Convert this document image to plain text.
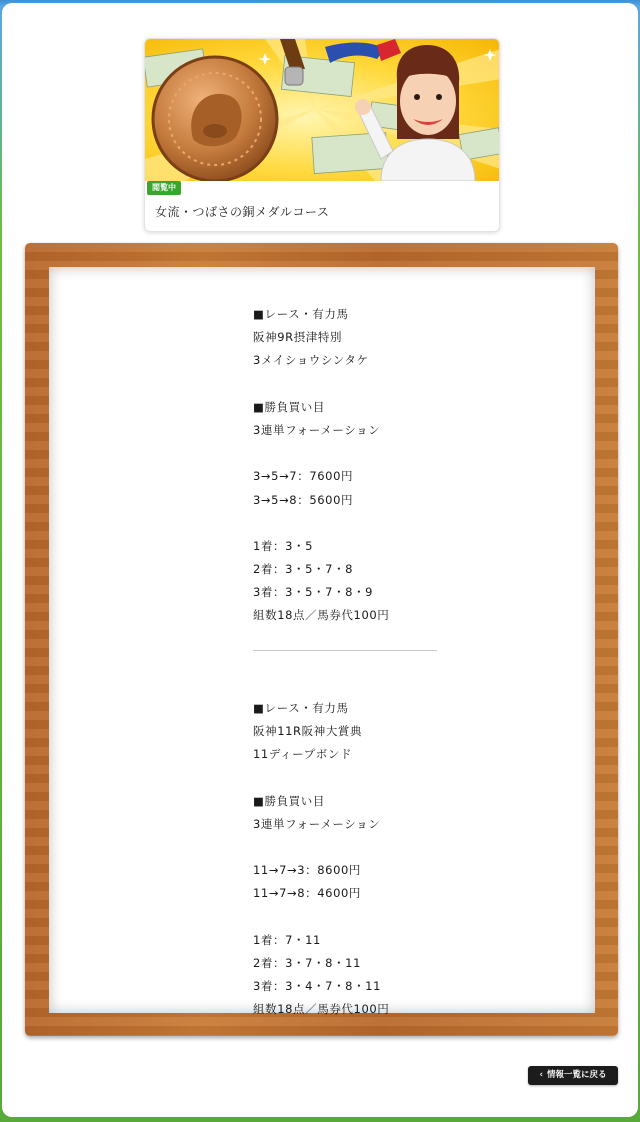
閲覧中
女流・つばさの銅メダルコース
■レース・有力馬
阪神9R摂津特別
3メイショウシンタケ
■勝負買い目
3連単フォーメーション
3→5→7：7600円
3→5→8：5600円
1着：3・5
2着：3・5・7・8
3着：3・5・7・8・9
組数18点／馬券代100円
■レース・有力馬
阪神11R阪神大賞典
11ディープボンド
■勝負買い目
3連単フォーメーション
11→7→3：8600円
11→7→8：4600円
1着：7・11
2着：3・7・8・11
3着：3・4・7・8・11
組数18点／馬券代100円
‹ 情報一覧に戻る
